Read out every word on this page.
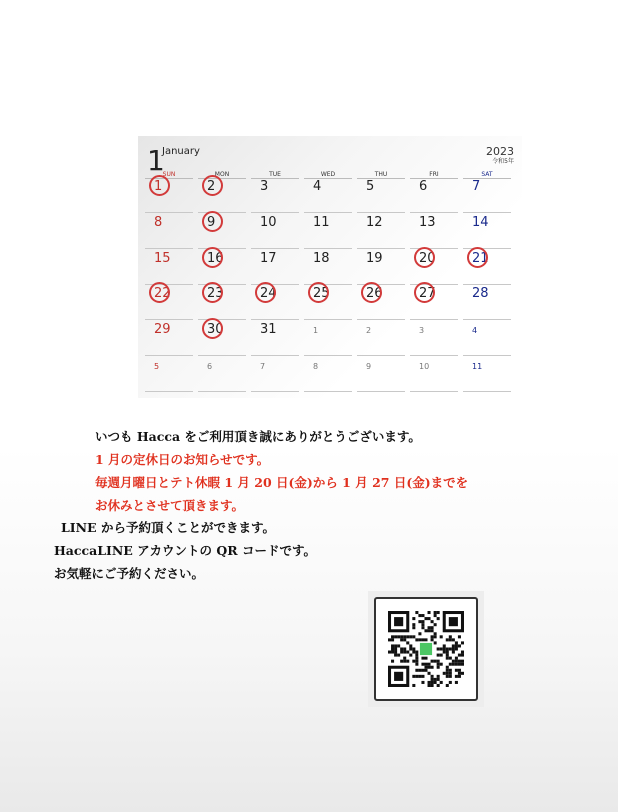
1
January	2023
令和5年
SUN	MON	TUE	WED	THU	FRI	SAT
1	2	3	4	5	6	7
8	9	10	11	12	13	14
15	16	17	18	19	20	21
22	23	24	25	26	27	28
29	30	31	1	2	3	4
5	6	7	8	9	10	11
いつも Hacca をご利用頂き誠にありがとうございます。
1 月の定休日のお知らせです。
毎週月曜日とテト休暇 1 月 20 日(金)から 1 月 27 日(金)までを
お休みとさせて頂きます。
LINE から予約頂くことができます。
HaccaLINE アカウントの QR コードです。
お気軽にご予約ください。
